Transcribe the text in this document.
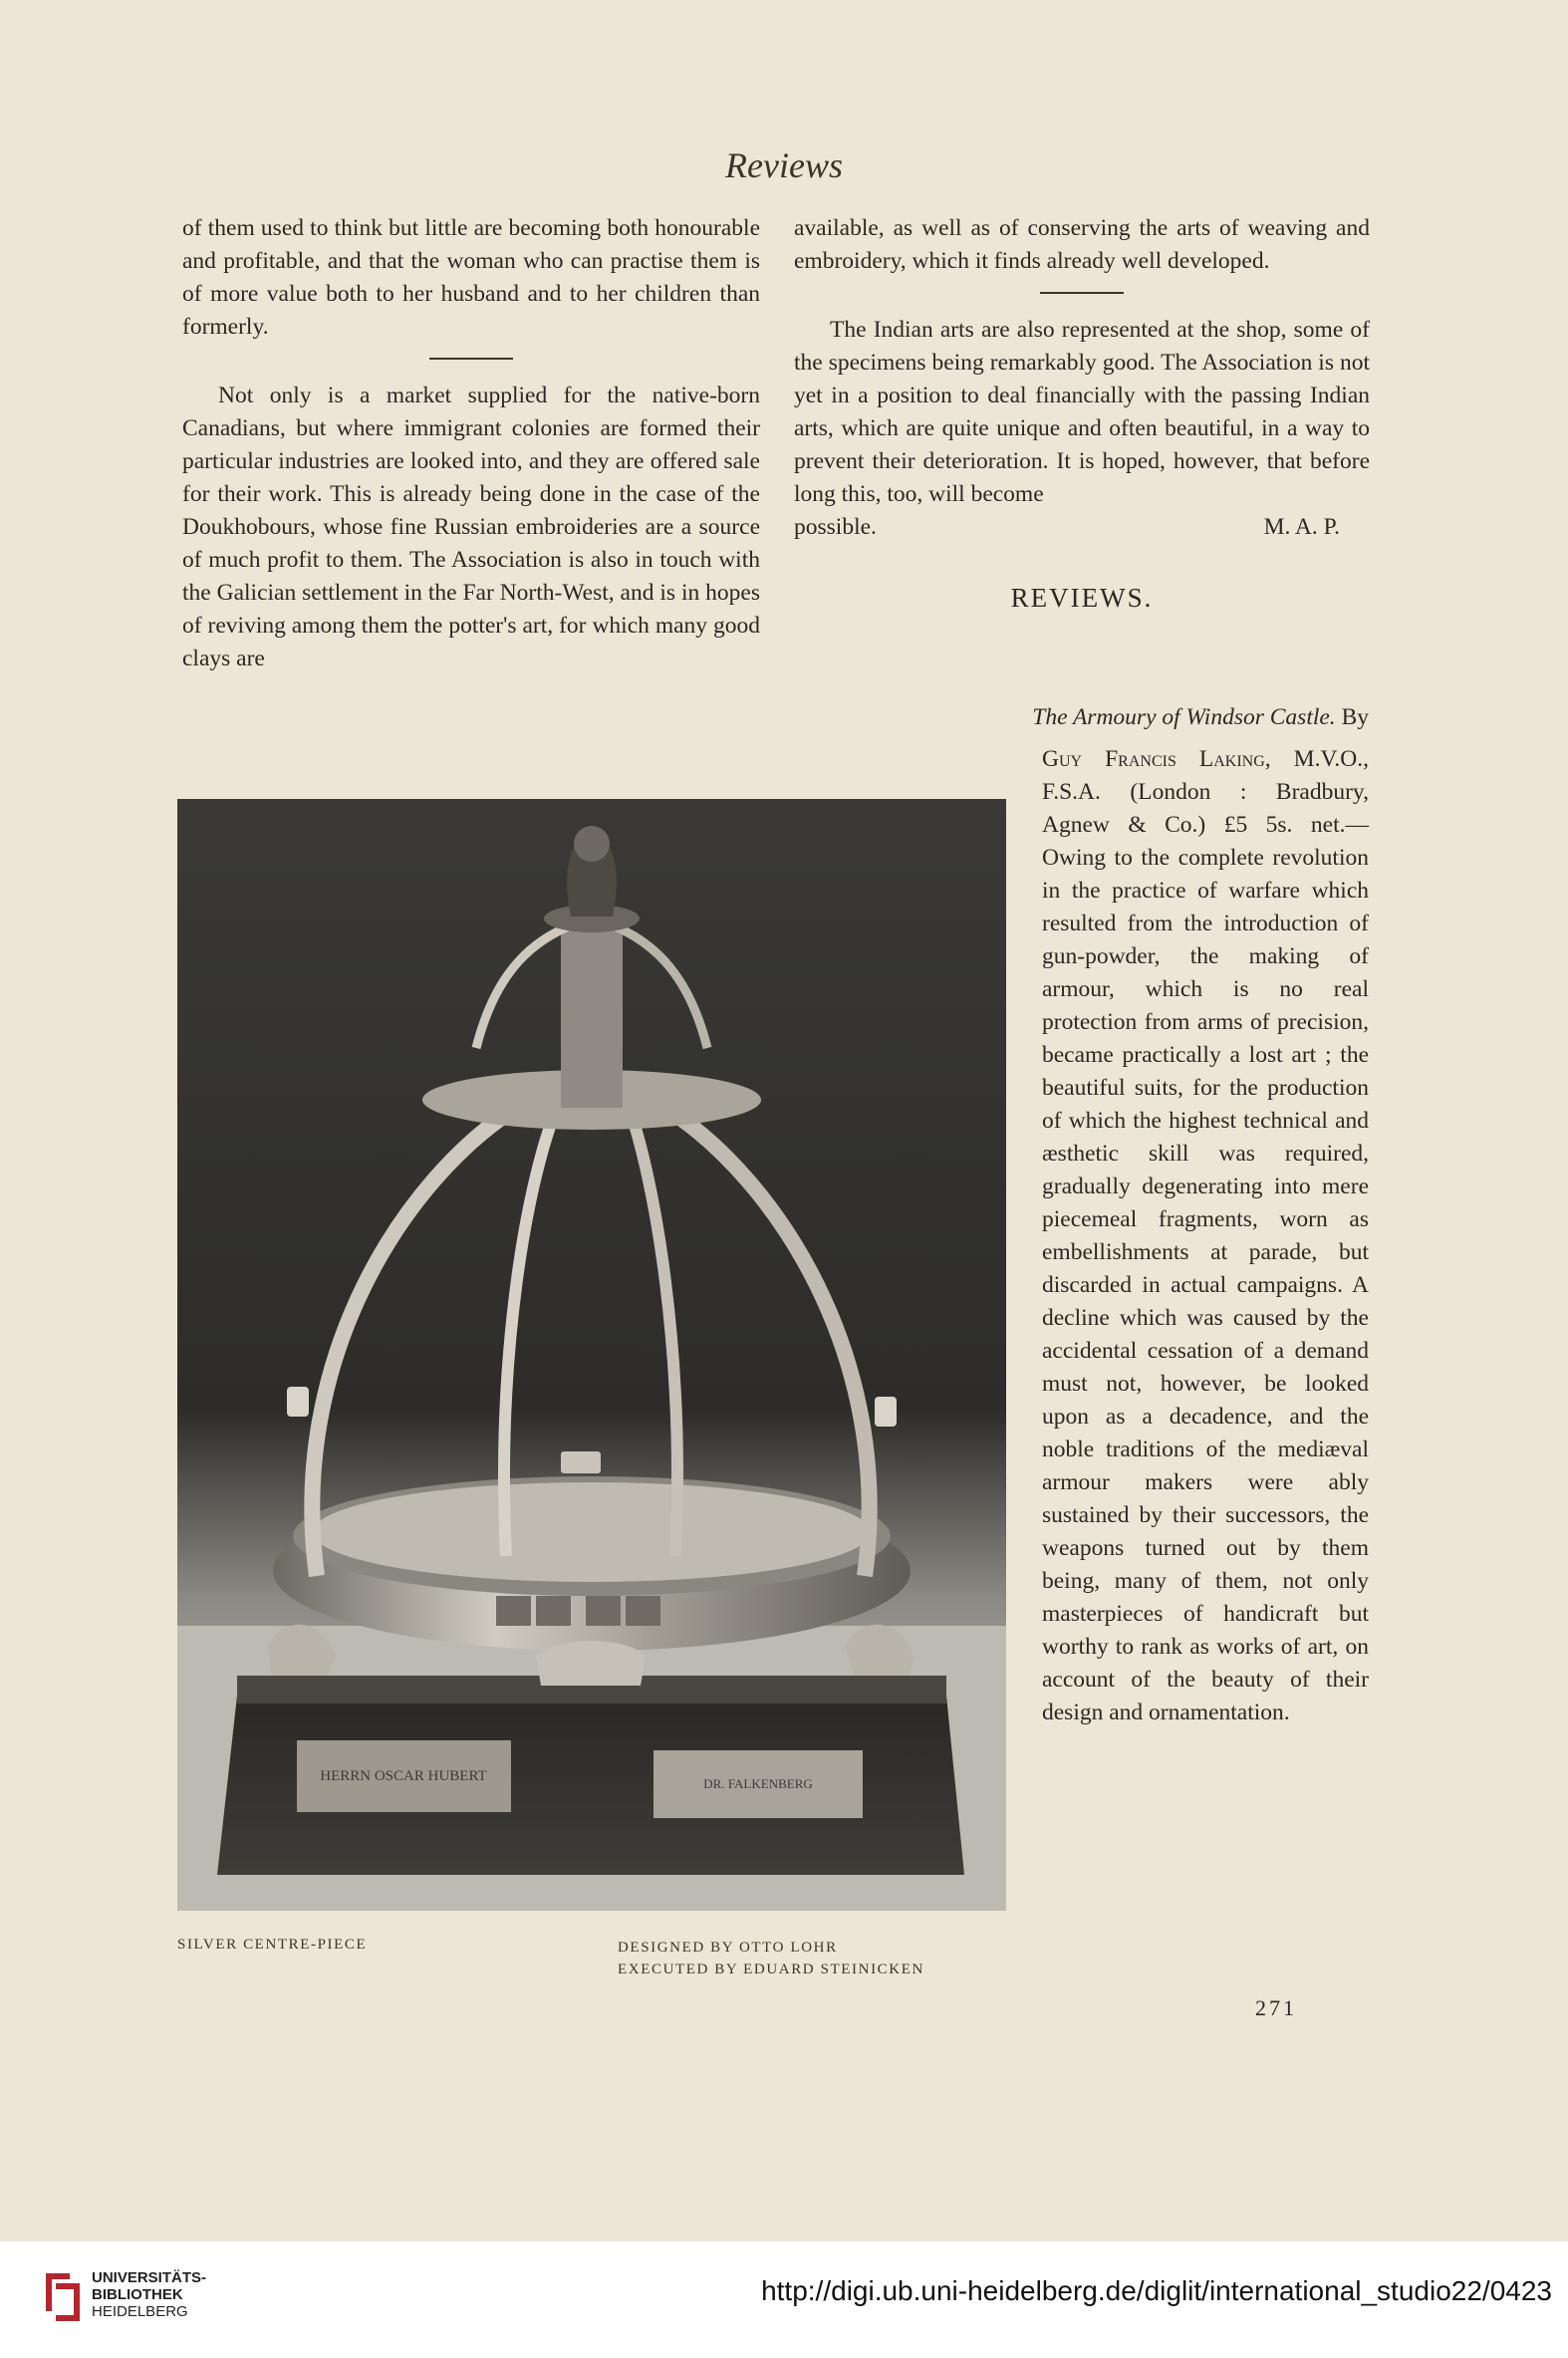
Reviews

of them used to think but little are becoming both honourable and profitable, and that the woman who can practise them is of more value both to her husband and to her children than formerly.

Not only is a market supplied for the native-born Canadians, but where immigrant colonies are formed their particular industries are looked into, and they are offered sale for their work. This is already being done in the case of the Doukhobours, whose fine Russian embroideries are a source of much profit to them. The Association is also in touch with the Galician settlement in the Far North-West, and is in hopes of reviving among them the potter's art, for which many good clays are

available, as well as of conserving the arts of weaving and embroidery, which it finds already well developed.

The Indian arts are also represented at the shop, some of the specimens being remarkably good. The Association is not yet in a position to deal financially with the passing Indian arts, which are quite unique and often beautiful, in a way to prevent their deterioration. It is hoped, however, that before long this, too, will become

possible.	M. A. P.
REVIEWS.
The Armoury of Windsor Castle. By
Guy Francis Laking, M.V.O., F.S.A. (London : Bradbury, Agnew & Co.) £5 5s. net.—Owing to the complete revolution in the practice of warfare which resulted from the introduction of gun-powder, the making of armour, which is no real protection from arms of precision, became practically a lost art ; the beautiful suits, for the production of which the highest technical and æsthetic skill was required, gradually degenerating into mere piecemeal fragments, worn as embellishments at parade, but discarded in actual campaigns. A decline which was caused by the accidental cessation of a demand must not, however, be looked upon as a decadence, and the noble traditions of the mediæval armour makers were ably sustained by their successors, the weapons turned out by them being, many of them, not only masterpieces of handicraft but worthy to rank as works of art, on account of the beauty of their design and ornamentation.
HERRN OSCAR HUBERT	DR. FALKENBERG
SILVER CENTRE-PIECE	DESIGNED BY OTTO LOHR
EXECUTED BY EDUARD STEINICKEN
271
UNIVERSITÄTS-
BIBLIOTHEK
HEIDELBERG
http://digi.ub.uni-heidelberg.de/diglit/international_studio22/0423
